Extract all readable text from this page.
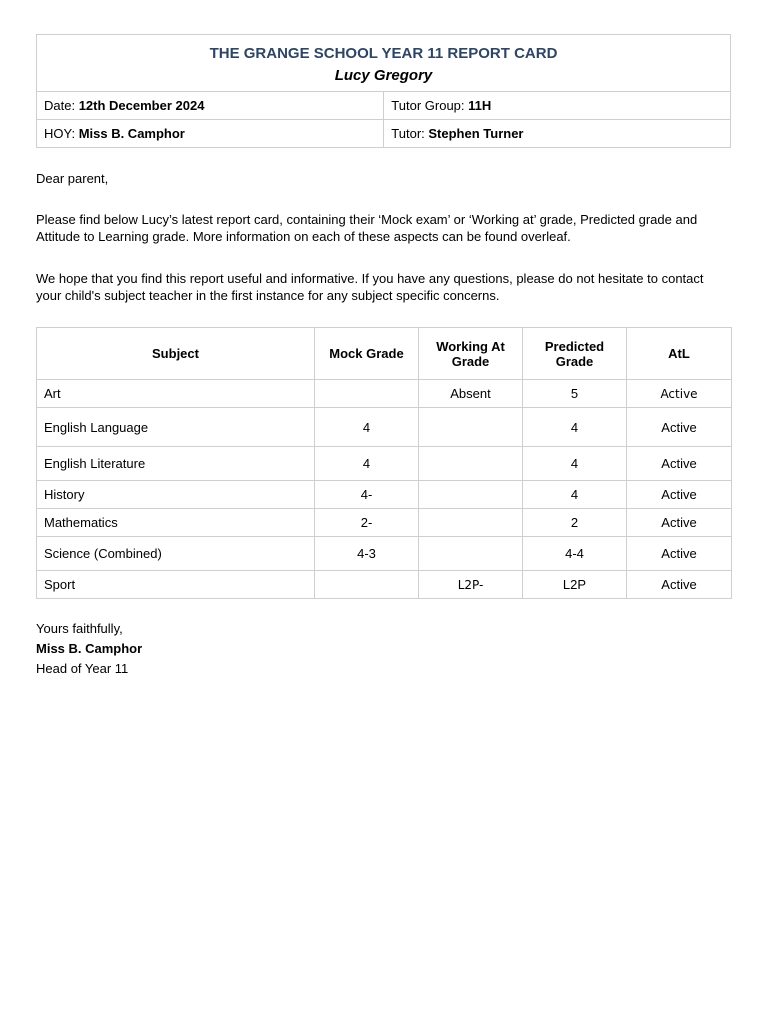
THE GRANGE SCHOOL YEAR 11 REPORT CARD
Lucy Gregory	

Date: 12th December 2024	Tutor Group: 11H
HOY: Miss B. Camphor	Tutor: Stephen Turner
Dear parent,
Please find below Lucy’s latest report card, containing their ‘Mock exam’ or ‘Working at’ grade, Predicted grade and Attitude to Learning grade. More information on each of these aspects can be found overleaf.
We hope that you find this report useful and informative. If you have any questions, please do not hesitate to contact your child's subject teacher in the first instance for any subject specific concerns.
Subject	Mock Grade	Working At Grade	Predicted Grade	AtL
Art		Absent	5	Active
English Language	4		4	Active
English Literature	4		4	Active
History	4-		4	Active
Mathematics	2-		2	Active
Science (Combined)	4-3		4-4	Active
Sport		L2P-	L2P	Active
Yours faithfully,
Miss B. Camphor
Head of Year 11
